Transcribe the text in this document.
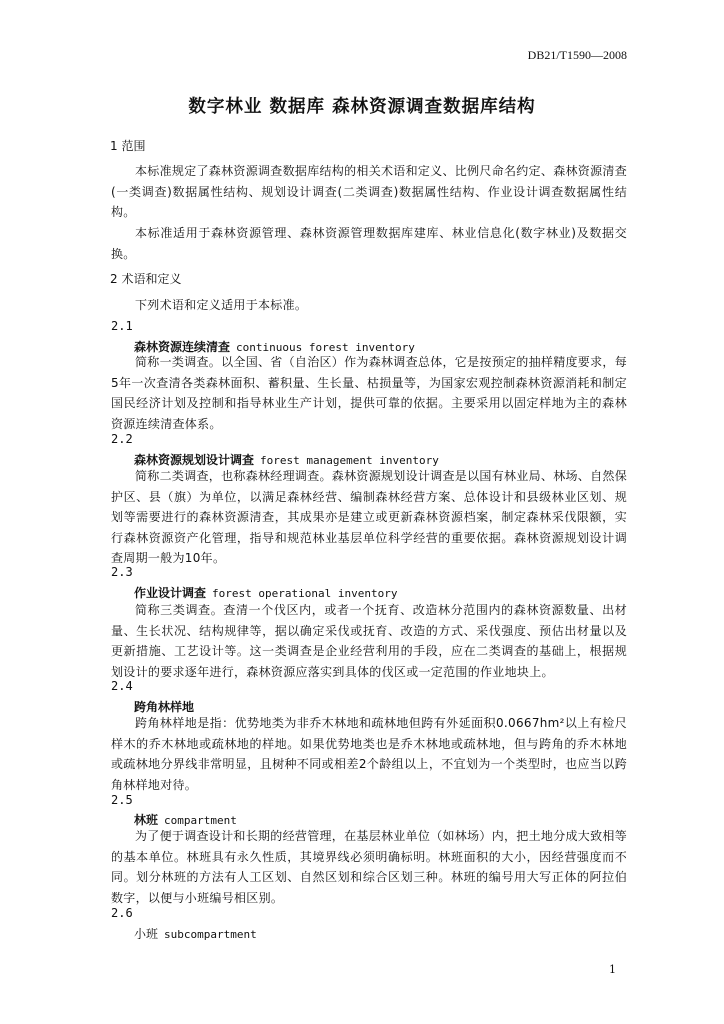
DB21/T1590—2008
数字林业 数据库 森林资源调查数据库结构
1 范围
本标准规定了森林资源调查数据库结构的相关术语和定义、比例尺命名约定、森林资源清查(一类调查)数据属性结构、规划设计调查(二类调查)数据属性结构、作业设计调查数据属性结构。
本标准适用于森林资源管理、森林资源管理数据库建库、林业信息化(数字林业)及数据交换。
2 术语和定义
下列术语和定义适用于本标准。
2.1
森林资源连续清查 continuous forest inventory
简称一类调查。以全国、省（自治区）作为森林调查总体，它是按预定的抽样精度要求，每5年一次查清各类森林面积、蓄积量、生长量、枯损量等，为国家宏观控制森林资源消耗和制定国民经济计划及控制和指导林业生产计划，提供可靠的依据。主要采用以固定样地为主的森林资源连续清查体系。
2.2
森林资源规划设计调查 forest management inventory
简称二类调查，也称森林经理调查。森林资源规划设计调查是以国有林业局、林场、自然保护区、县（旗）为单位，以满足森林经营、编制森林经营方案、总体设计和县级林业区划、规划等需要进行的森林资源清查，其成果亦是建立或更新森林资源档案，制定森林采伐限额，实行森林资源资产化管理，指导和规范林业基层单位科学经营的重要依据。森林资源规划设计调查周期一般为10年。
2.3
作业设计调查 forest operational inventory
简称三类调查。查清一个伐区内，或者一个抚育、改造林分范围内的森林资源数量、出材量、生长状况、结构规律等，据以确定采伐或抚育、改造的方式、采伐强度、预估出材量以及更新措施、工艺设计等。这一类调查是企业经营利用的手段，应在二类调查的基础上，根据规划设计的要求逐年进行，森林资源应落实到具体的伐区或一定范围的作业地块上。
2.4
跨角林样地
跨角林样地是指：优势地类为非乔木林地和疏林地但跨有外延面积0.0667hm²以上有检尺样木的乔木林地或疏林地的样地。如果优势地类也是乔木林地或疏林地，但与跨角的乔木林地或疏林地分界线非常明显，且树种不同或相差2个龄组以上，不宜划为一个类型时，也应当以跨角林样地对待。
2.5
林班 compartment
为了便于调查设计和长期的经营管理，在基层林业单位（如林场）内，把土地分成大致相等的基本单位。林班具有永久性质，其境界线必须明确标明。林班面积的大小，因经营强度而不同。划分林班的方法有人工区划、自然区划和综合区划三种。林班的编号用大写正体的阿拉伯数字，以便与小班编号相区别。
2.6
小班 subcompartment
1
